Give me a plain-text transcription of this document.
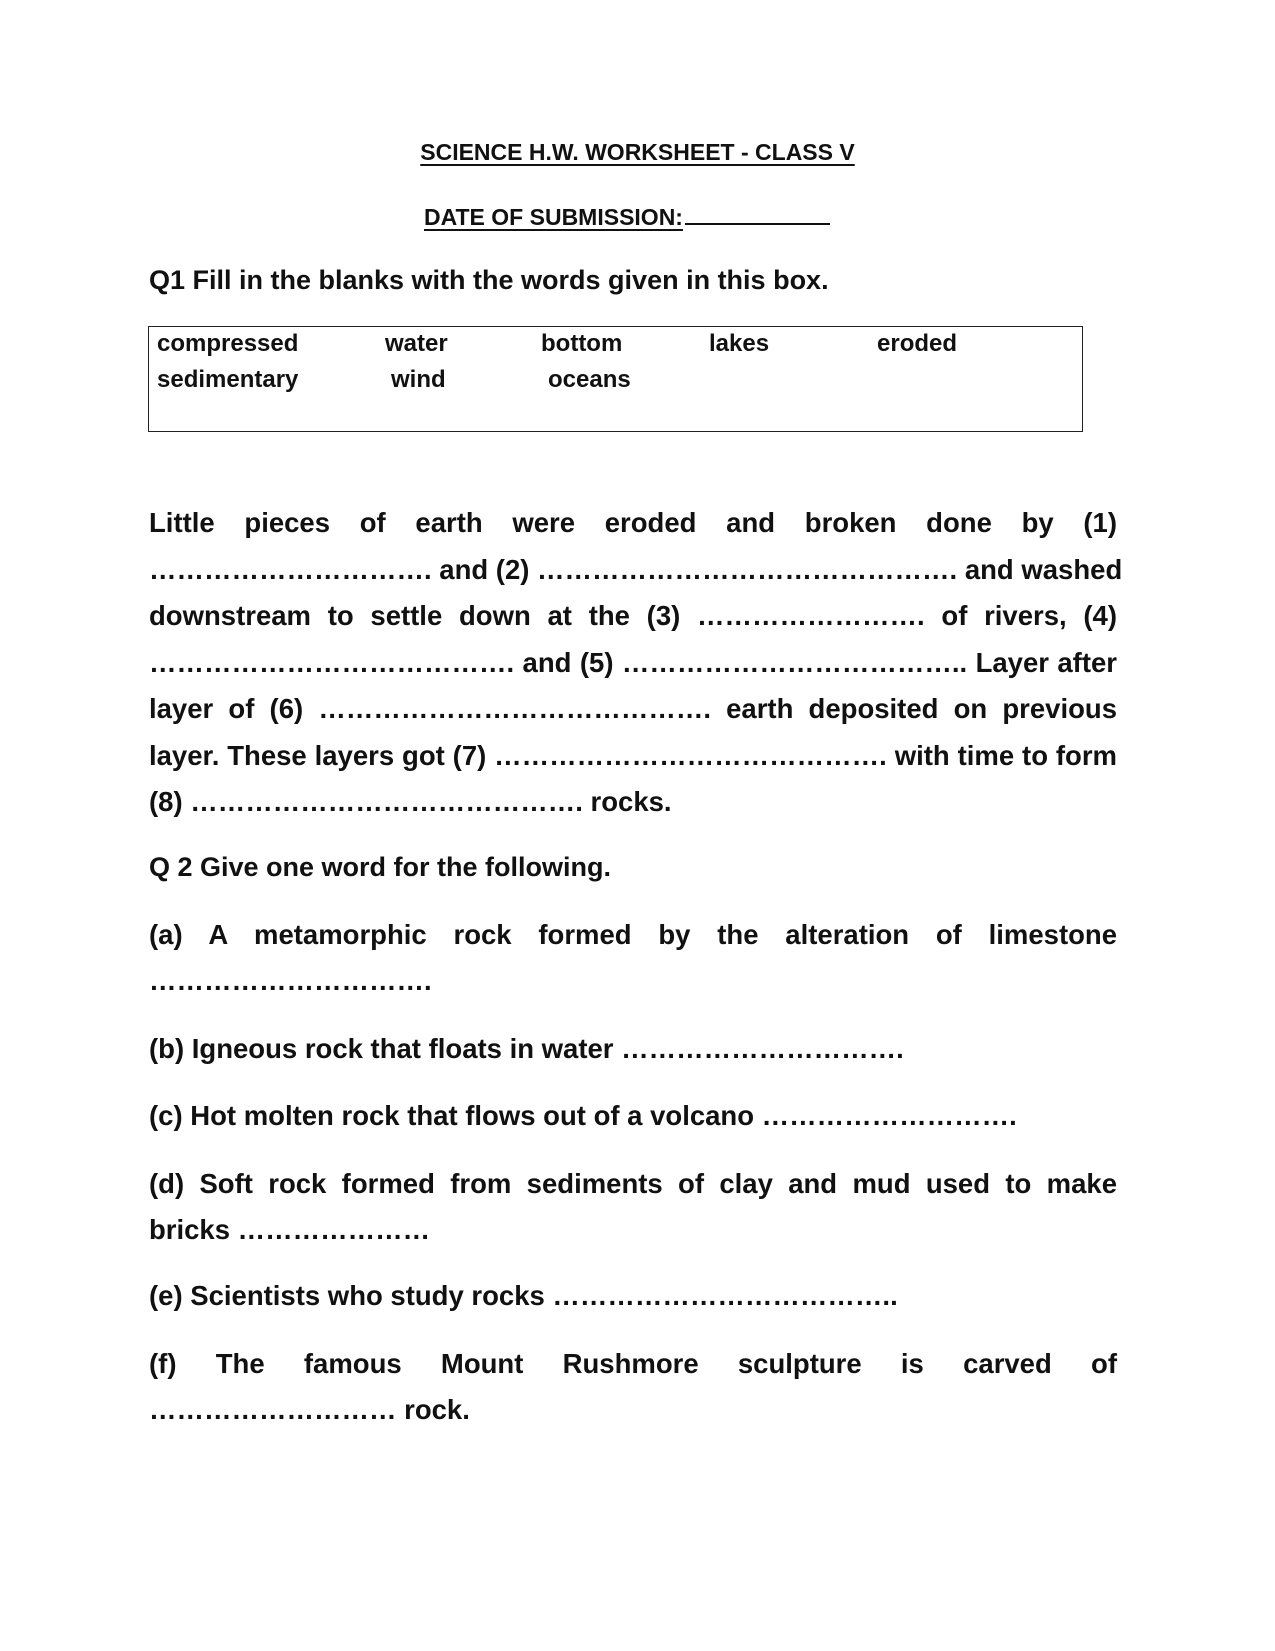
SCIENCE H.W. WORKSHEET - CLASS V
DATE OF SUBMISSION:
Q1 Fill in the blanks with the words given in this box.
compressed	water	bottom	lakes	eroded
sedimentary	wind	oceans
Little pieces of earth were eroded and broken done by (1)
…………………………. and (2) ………………………………………. and washed
downstream to settle down at the (3) ……………………. of rivers, (4)
…………………………………. and (5) ……………………………….. Layer after
layer of (6) ……………………………………. earth deposited on previous
layer. These layers got (7) ……………………………………. with time to form
(8) ……………………………………. rocks.
Q 2 Give one word for the following.
(a) A metamorphic rock formed by the alteration of limestone
………………………….
(b) Igneous rock that floats in water ………………………….
(c) Hot molten rock that flows out of a volcano ……………………….
(d) Soft rock formed from sediments of clay and mud used to make
bricks …………………
(e) Scientists who study rocks ………………………………..
(f) The famous Mount Rushmore sculpture is carved of
……………………… rock.
